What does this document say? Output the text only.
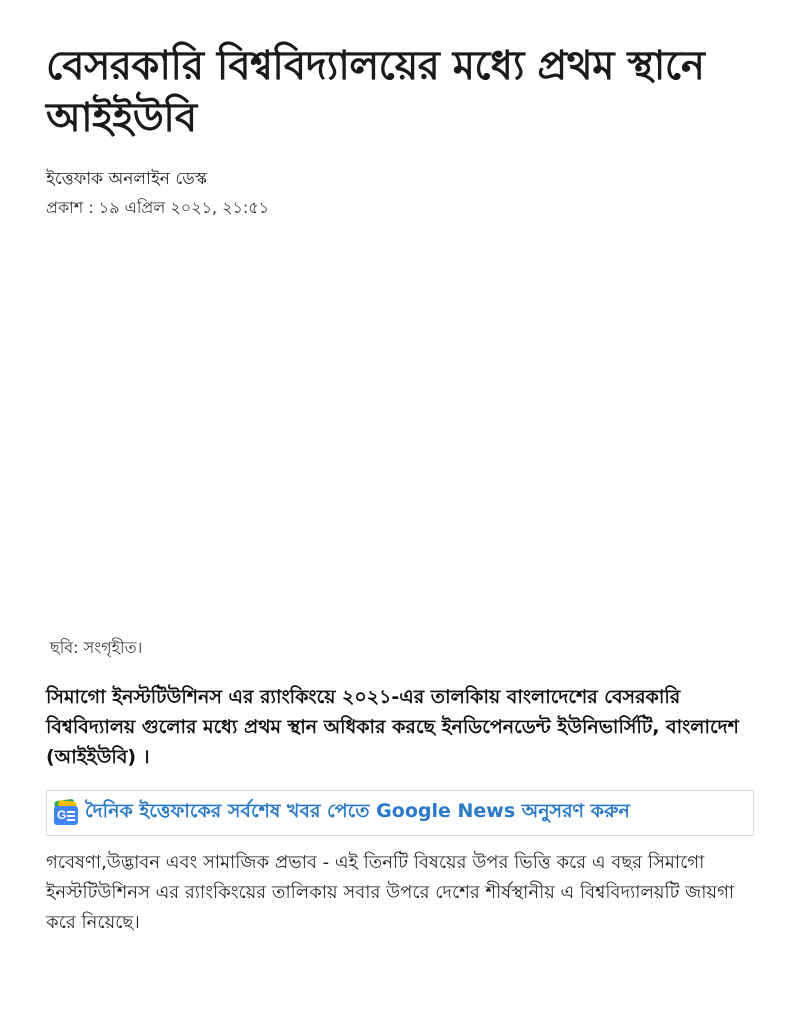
বেসরকারি বিশ্ববিদ্যালয়ের মধ্যে প্রথম স্থানে আইইউবি
ইত্তেফাক অনলাইন ডেস্ক
প্রকাশ : ১৯ এপ্রিল ২০২১, ২১:৫১
ছবি: সংগৃহীত।

সিমাগো ইনস্টটিউশিনস এর র‍্যাংকিংয়ে ২০২১-এর তালকিায় বাংলাদেশের বেসরকারি বিশ্ববিদ্যালয় গুলোর মধ্যে প্রথম স্থান অধিকার করছে ইনডিপেনডেন্ট ইউনিভার্সিটি, বাংলাদেশ (আইইউবি) ।

G দৈনিক ইত্তেফাকের সর্বশেষ খবর পেতে Google News অনুসরণ করুন

গবেষণা,উদ্ভাবন এবং সামাজিক প্রভাব - এই তিনটি বিষয়ের উপর ভিত্তি করে এ বছর সিমাগো ইনস্টটিউশিনস এর র‍্যাংকিংয়ের তালিকায় সবার উপরে দেশের শীর্ষস্থানীয় এ বিশ্ববিদ্যালয়টি জায়গা করে নিয়েছে।
